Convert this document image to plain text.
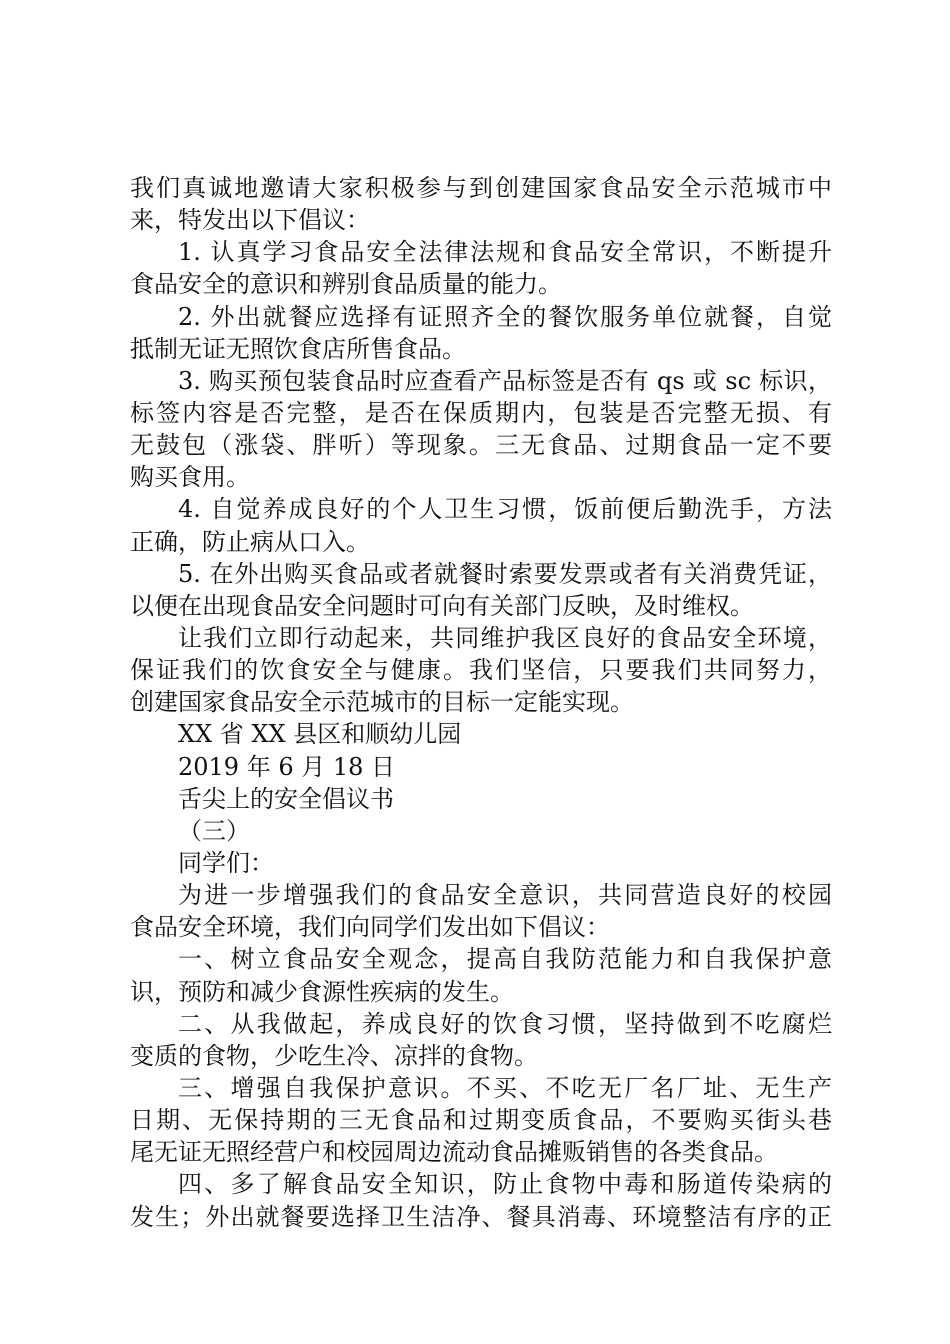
我们真诚地邀请大家积极参与到创建国家食品安全示范城市中
来，特发出以下倡议：
1. 认真学习食品安全法律法规和食品安全常识，不断提升
食品安全的意识和辨别食品质量的能力。
2. 外出就餐应选择有证照齐全的餐饮服务单位就餐，自觉
抵制无证无照饮食店所售食品。
3. 购买预包装食品时应查看产品标签是否有 qs 或 sc 标识，
标签内容是否完整，是否在保质期内，包装是否完整无损、有
无鼓包（涨袋、胖听）等现象。三无食品、过期食品一定不要
购买食用。
4. 自觉养成良好的个人卫生习惯，饭前便后勤洗手，方法
正确，防止病从口入。
5. 在外出购买食品或者就餐时索要发票或者有关消费凭证，
以便在出现食品安全问题时可向有关部门反映，及时维权。
让我们立即行动起来，共同维护我区良好的食品安全环境，
保证我们的饮食安全与健康。我们坚信，只要我们共同努力，
创建国家食品安全示范城市的目标一定能实现。
XX 省 XX 县区和顺幼儿园
2019 年 6 月 18 日
舌尖上的安全倡议书
（三）
同学们：
为进一步增强我们的食品安全意识，共同营造良好的校园
食品安全环境，我们向同学们发出如下倡议：
一、树立食品安全观念，提高自我防范能力和自我保护意
识，预防和减少食源性疾病的发生。
二、从我做起，养成良好的饮食习惯，坚持做到不吃腐烂
变质的食物，少吃生冷、凉拌的食物。
三、增强自我保护意识。不买、不吃无厂名厂址、无生产
日期、无保持期的三无食品和过期变质食品，不要购买街头巷
尾无证无照经营户和校园周边流动食品摊贩销售的各类食品。
四、多了解食品安全知识，防止食物中毒和肠道传染病的
发生；外出就餐要选择卫生洁净、餐具消毒、环境整洁有序的正
